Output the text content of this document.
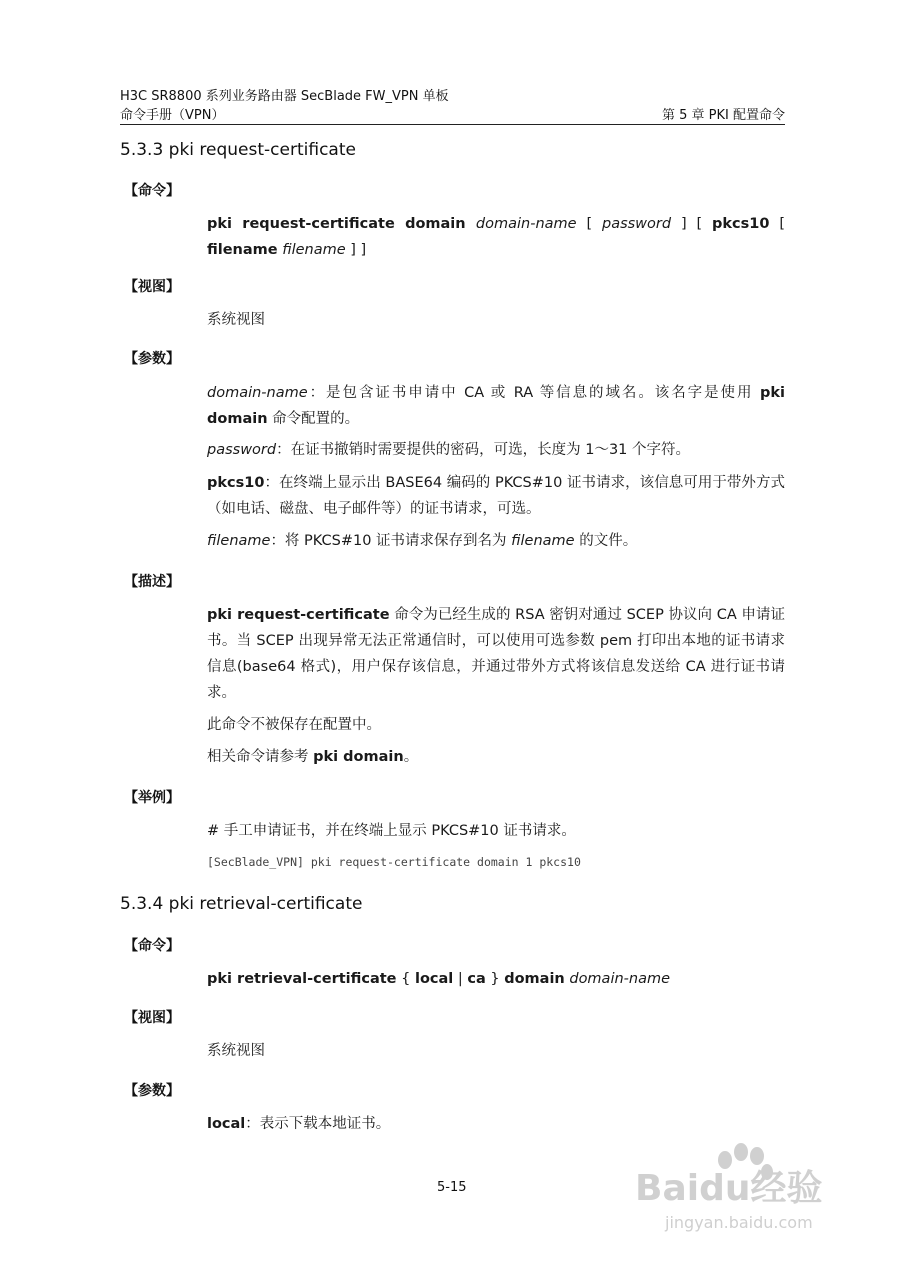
H3C SR8800 系列业务路由器 SecBlade FW_VPN 单板
命令手册（VPN）	第 5 章 PKI 配置命令
5.3.3 pki request-certificate
【命令】
pki request-certificate domain domain-name [ password ] [ pkcs10 [ filename filename ] ]
【视图】
系统视图
【参数】
domain-name：是包含证书申请中 CA 或 RA 等信息的域名。该名字是使用 pki domain 命令配置的。
password：在证书撤销时需要提供的密码，可选，长度为 1～31 个字符。
pkcs10：在终端上显示出 BASE64 编码的 PKCS#10 证书请求，该信息可用于带外方式（如电话、磁盘、电子邮件等）的证书请求，可选。
filename：将 PKCS#10 证书请求保存到名为 filename 的文件。
【描述】
pki request-certificate 命令为已经生成的 RSA 密钥对通过 SCEP 协议向 CA 申请证书。当 SCEP 出现异常无法正常通信时，可以使用可选参数 pem 打印出本地的证书请求信息(base64 格式)，用户保存该信息，并通过带外方式将该信息发送给 CA 进行证书请求。
此命令不被保存在配置中。
相关命令请参考 pki domain。
【举例】
# 手工申请证书，并在终端上显示 PKCS#10 证书请求。
[SecBlade_VPN] pki request-certificate domain 1 pkcs10
5.3.4 pki retrieval-certificate
【命令】
pki retrieval-certificate { local | ca } domain domain-name
【视图】
系统视图
【参数】
local：表示下载本地证书。
5-15	Baidu经验
jingyan.baidu.com
